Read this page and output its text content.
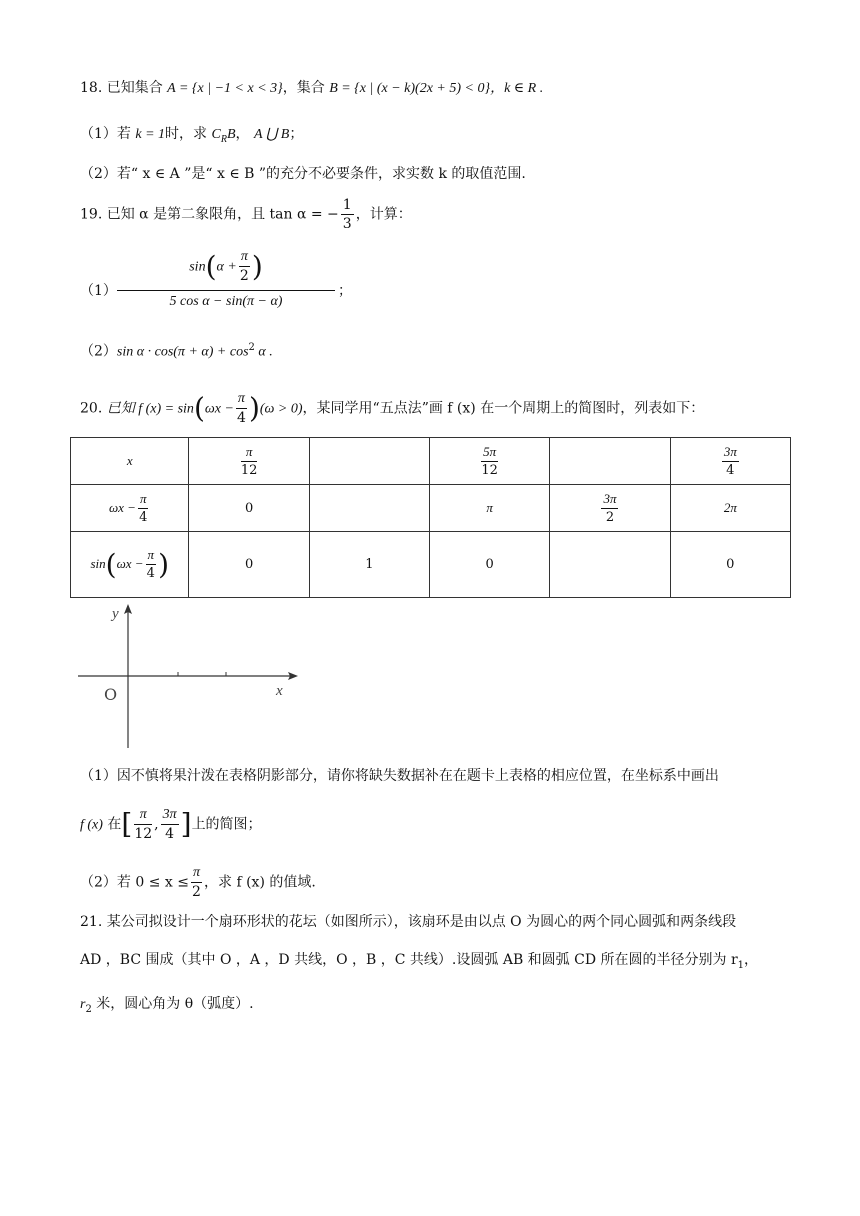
18. 已知集合 A = {x | −1 < x < 3}，集合 B = {x | (x − k)(2x + 5) < 0}，k ∈ R .
（1）若 k = 1时，求 $C_RB$， A ⋃ B；
（2）若“ x ∈ A ”是“ x ∈ B ”的充分不必要条件，求实数 k 的取值范围.
19. 已知 α 是第二象限角，且 tan α = − $\frac{1}{3}$ ，计算：
（1）
$\sin(\alpha + \frac{\pi}{2}$ )
5 cos α − sin(π − α)
；
（2）sin $\alpha \cdot \cos(\pi + \alpha) + \cos^2 \alpha$ .
20. 已知 f $(x) = \sin(\omega x - \frac{\pi}{4} )(\omega > 0)$，某同学用“五点法”画 f (x) 在一个周期上的简图时，列表如下：
x	$\frac{\pi}{12}$		$\frac{5\pi}{12}$		$\frac{3\pi}{4}$

$\omega x - \frac{\pi}{4}$	0		π	$\frac{3\pi}{2}$	2π
$\sin(\omega x - \frac{\pi}{4}$ )	0	1	0		0
y
x
O
（1）因不慎将果汁泼在表格阴影部分，请你将缺失数据补在在题卡上表格的相应位置，在坐标系中画出
f (x) 在[ $\frac{\pi}{12}$ , $\frac{3\pi}{4}$ ]上的简图；
（2）若 $0 \le x \le \frac{\pi}{2}$ ，求 f (x) 的值域.
21. 某公司拟设计一个扇环形状的花坛（如图所示），该扇环是由以点 O 为圆心的两个同心圆弧和两条线段
AD ，BC 围成（其中 O ，A ，D 共线，O ，B ，C 共线）.设圆弧 AB 和圆弧 CD 所在圆的半径分别为 $r_1$，
$r_2$ 米，圆心角为 θ（弧度）.
